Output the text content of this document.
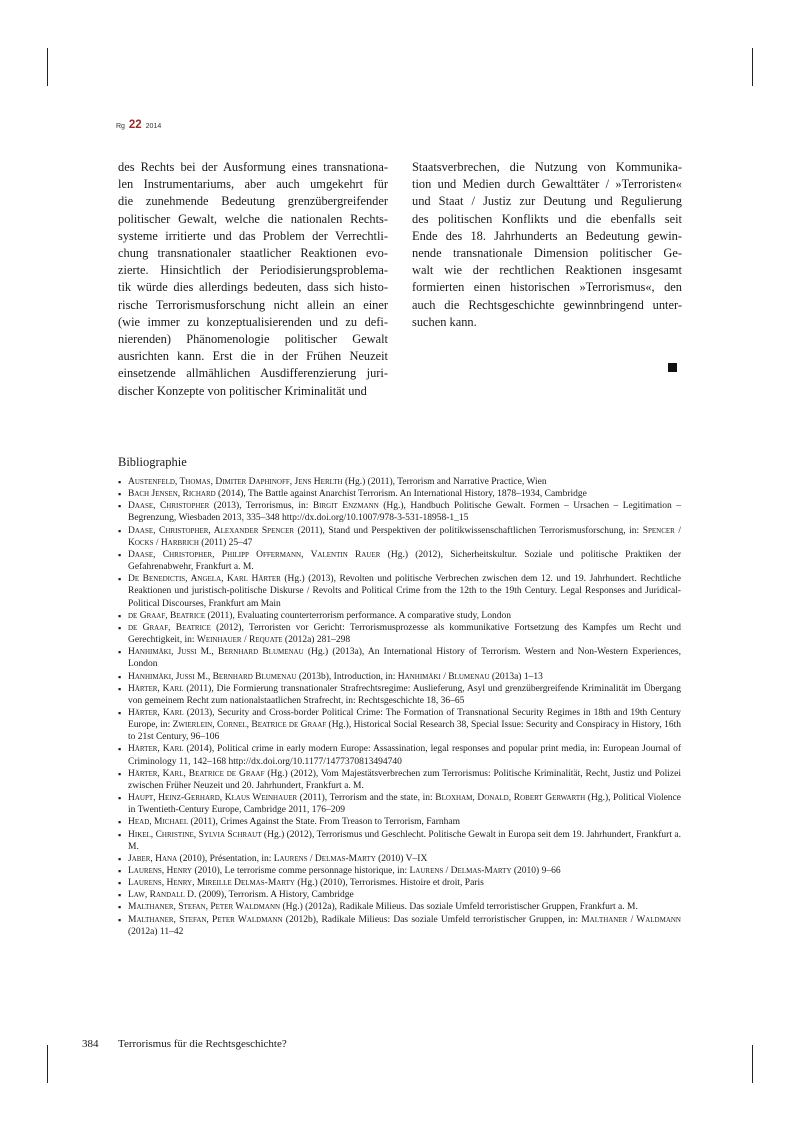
Rg 22 2014
des Rechts bei der Ausformung eines transnationa-
len Instrumentariums, aber auch umgekehrt für
die zunehmende Bedeutung grenzübergreifender
politischer Gewalt, welche die nationalen Rechts-
systeme irritierte und das Problem der Verrechtli-
chung transnationaler staatlicher Reaktionen evo-
zierte. Hinsichtlich der Periodisierungsproblema-
tik würde dies allerdings bedeuten, dass sich histo-
rische Terrorismusforschung nicht allein an einer
(wie immer zu konzeptualisierenden und zu defi-
nierenden) Phänomenologie politischer Gewalt
ausrichten kann. Erst die in der Frühen Neuzeit
einsetzende allmählichen Ausdifferenzierung juri-
discher Konzepte von politischer Kriminalität und
Staatsverbrechen, die Nutzung von Kommunika-
tion und Medien durch Gewalttäter / »Terroristen«
und Staat / Justiz zur Deutung und Regulierung
des politischen Konflikts und die ebenfalls seit
Ende des 18. Jahrhunderts an Bedeutung gewin-
nende transnationale Dimension politischer Ge-
walt wie der rechtlichen Reaktionen insgesamt
formierten einen historischen »Terrorismus«, den
auch die Rechtsgeschichte gewinnbringend unter-
suchen kann.
Bibliographie
▪ Austenfeld, Thomas, Dimiter Daphinoff, Jens Herlth (Hg.) (2011), Terrorism and Narrative Practice, Wien
▪ Bach Jensen, Richard (2014), The Battle against Anarchist Terrorism. An International History, 1878–1934, Cambridge
▪ Daase, Christopher (2013), Terrorismus, in: Birgit Enzmann (Hg.), Handbuch Politische Gewalt. Formen – Ursachen – Legitimation – Begrenzung, Wiesbaden 2013, 335–348 http://dx.doi.org/10.1007/978-3-531-18958-1_15
▪ Daase, Christopher, Alexander Spencer (2011), Stand und Perspektiven der politikwissenschaftlichen Terrorismusforschung, in: Spencer / Kocks / Harbrich (2011) 25–47
▪ Daase, Christopher, Philipp Offermann, Valentin Rauer (Hg.) (2012), Sicherheitskultur. Soziale und politische Praktiken der Gefahrenabwehr, Frankfurt a. M.
▪ De Benedictis, Angela, Karl Härter (Hg.) (2013), Revolten und politische Verbrechen zwischen dem 12. und 19. Jahrhundert. Rechtliche Reaktionen und juristisch-politische Diskurse / Revolts and Political Crime from the 12th to the 19th Century. Legal Responses and Juridical-Political Discourses, Frankfurt am Main
▪ de Graaf, Beatrice (2011), Evaluating counterterrorism performance. A comparative study, London
▪ de Graaf, Beatrice (2012), Terroristen vor Gericht: Terrorismusprozesse als kommunikative Fortsetzung des Kampfes um Recht und Gerechtigkeit, in: Weinhauer / Requate (2012a) 281–298
▪ Hanhimäki, Jussi M., Bernhard Blumenau (Hg.) (2013a), An International History of Terrorism. Western and Non-Western Experiences, London
▪ Hanhimäki, Jussi M., Bernhard Blumenau (2013b), Introduction, in: Hanhimäki / Blumenau (2013a) 1–13
▪ Härter, Karl (2011), Die Formierung transnationaler Strafrechtsregime: Auslieferung, Asyl und grenzübergreifende Kriminalität im Übergang von gemeinem Recht zum nationalstaatlichen Strafrecht, in: Rechtsgeschichte 18, 36–65
▪ Härter, Karl (2013), Security and Cross-border Political Crime: The Formation of Transnational Security Regimes in 18th and 19th Century Europe, in: Zwierlein, Cornel, Beatrice de Graaf (Hg.), Historical Social Research 38, Special Issue: Security and Conspiracy in History, 16th to 21st Century, 96–106
▪ Härter, Karl (2014), Political crime in early modern Europe: Assassination, legal responses and popular print media, in: European Journal of Criminology 11, 142–168 http://dx.doi.org/10.1177/1477370813494740
▪ Härter, Karl, Beatrice de Graaf (Hg.) (2012), Vom Majestätsverbrechen zum Terrorismus: Politische Kriminalität, Recht, Justiz und Polizei zwischen Früher Neuzeit und 20. Jahrhundert, Frankfurt a. M.
▪ Haupt, Heinz-Gerhard, Klaus Weinhauer (2011), Terrorism and the state, in: Bloxham, Donald, Robert Gerwarth (Hg.), Political Violence in Twentieth-Century Europe, Cambridge 2011, 176–209
▪ Head, Michael (2011), Crimes Against the State. From Treason to Terrorism, Farnham
▪ Hikel, Christine, Sylvia Schraut (Hg.) (2012), Terrorismus und Geschlecht. Politische Gewalt in Europa seit dem 19. Jahrhundert, Frankfurt a. M.
▪ Jaber, Hana (2010), Présentation, in: Laurens / Delmas-Marty (2010) V–IX
▪ Laurens, Henry (2010), Le terrorisme comme personnage historique, in: Laurens / Delmas-Marty (2010) 9–66
▪ Laurens, Henry, Mireille Delmas-Marty (Hg.) (2010), Terrorismes. Histoire et droit, Paris
▪ Law, Randall D. (2009), Terrorism. A History, Cambridge
▪ Malthaner, Stefan, Peter Waldmann (Hg.) (2012a), Radikale Milieus. Das soziale Umfeld terroristischer Gruppen, Frankfurt a. M.
▪ Malthaner, Stefan, Peter Waldmann (2012b), Radikale Milieus: Das soziale Umfeld terroristischer Gruppen, in: Malthaner / Waldmann (2012a) 11–42
384 Terrorismus für die Rechtsgeschichte?
